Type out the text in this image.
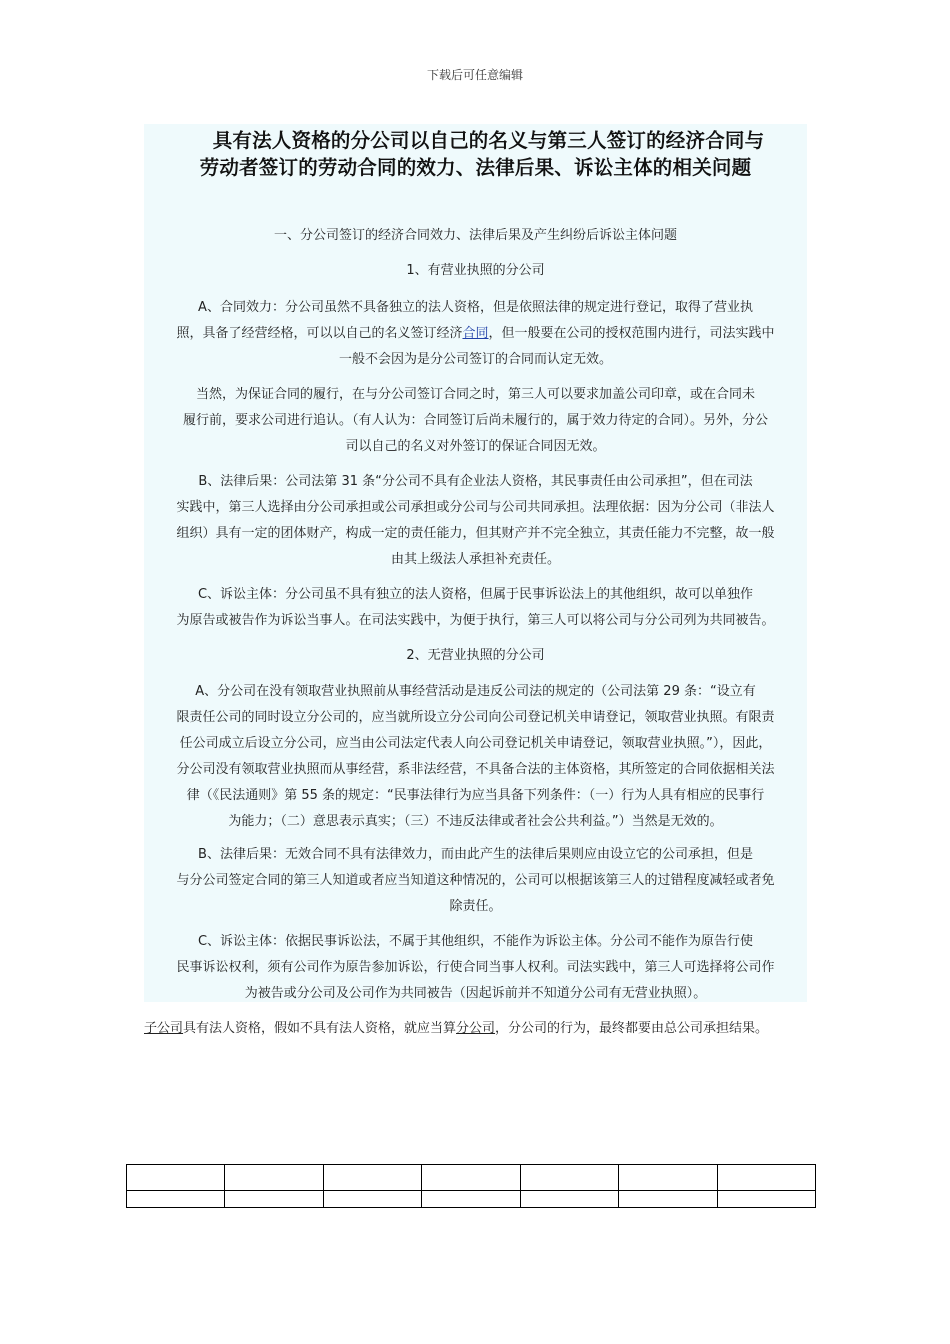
下载后可任意编辑
具有法人资格的分公司以自己的名义与第三人签订的经济合同与
劳动者签订的劳动合同的效力、法律后果、诉讼主体的相关问题

一、分公司签订的经济合同效力、法律后果及产生纠纷后诉讼主体问题

1、有营业执照的分公司

A、合同效力：分公司虽然不具备独立的法人资格，但是依照法律的规定进行登记，取得了营业执

照，具备了经营经格，可以以自己的名义签订经济合同，但一般要在公司的授权范围内进行，司法实践中

一般不会因为是分公司签订的合同而认定无效。

当然，为保证合同的履行，在与分公司签订合同之时，第三人可以要求加盖公司印章，或在合同未

履行前，要求公司进行追认。（有人认为：合同签订后尚未履行的，属于效力待定的合同）。另外，分公

司以自己的名义对外签订的保证合同因无效。

B、法律后果：公司法第 31 条“分公司不具有企业法人资格，其民事责任由公司承担”，但在司法

实践中，第三人选择由分公司承担或公司承担或分公司与公司共同承担。法理依据：因为分公司（非法人

组织）具有一定的团体财产，构成一定的责任能力，但其财产并不完全独立，其责任能力不完整，故一般

由其上级法人承担补充责任。

C、诉讼主体：分公司虽不具有独立的法人资格，但属于民事诉讼法上的其他组织，故可以单独作

为原告或被告作为诉讼当事人。在司法实践中，为便于执行，第三人可以将公司与分公司列为共同被告。

2、无营业执照的分公司

A、分公司在没有领取营业执照前从事经营活动是违反公司法的规定的（公司法第 29 条：“设立有

限责任公司的同时设立分公司的，应当就所设立分公司向公司登记机关申请登记，领取营业执照。有限责

任公司成立后设立分公司，应当由公司法定代表人向公司登记机关申请登记，领取营业执照。”），因此，

分公司没有领取营业执照而从事经营，系非法经营，不具备合法的主体资格，其所签定的合同依据相关法

律（《民法通则》第 55 条的规定：“民事法律行为应当具备下列条件：（一）行为人具有相应的民事行

为能力；（二）意思表示真实；（三）不违反法律或者社会公共利益。”）当然是无效的。

B、法律后果：无效合同不具有法律效力，而由此产生的法律后果则应由设立它的公司承担，但是

与分公司签定合同的第三人知道或者应当知道这种情况的，公司可以根据该第三人的过错程度减轻或者免

除责任。

C、诉讼主体：依据民事诉讼法，不属于其他组织，不能作为诉讼主体。分公司不能作为原告行使

民事诉讼权利，须有公司作为原告参加诉讼，行使合同当事人权利。司法实践中，第三人可选择将公司作

为被告或分公司及公司作为共同被告（因起诉前并不知道分公司有无营业执照）。

子公司具有法人资格，假如不具有法人资格，就应当算分公司，分公司的行为，最终都要由总公司承担结果。
